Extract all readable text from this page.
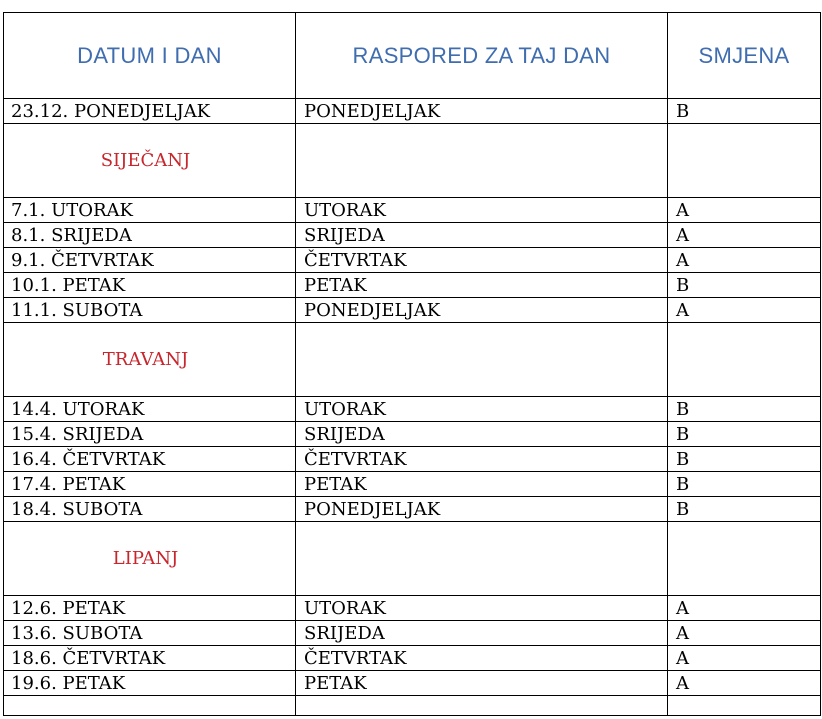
DATUM I DAN	RASPORED ZA TAJ DAN	SMJENA
23.12. PONEDJELJAK	PONEDJELJAK	B
SIJEČANJ		
7.1. UTORAK	UTORAK	A
8.1. SRIJEDA	SRIJEDA	A
9.1. ČETVRTAK	ČETVRTAK	A
10.1. PETAK	PETAK	B
11.1. SUBOTA	PONEDJELJAK	A
TRAVANJ		
14.4. UTORAK	UTORAK	B
15.4. SRIJEDA	SRIJEDA	B
16.4. ČETVRTAK	ČETVRTAK	B
17.4. PETAK	PETAK	B
18.4. SUBOTA	PONEDJELJAK	B
LIPANJ		
12.6. PETAK	UTORAK	A
13.6. SUBOTA	SRIJEDA	A
18.6. ČETVRTAK	ČETVRTAK	A
19.6. PETAK	PETAK	A
